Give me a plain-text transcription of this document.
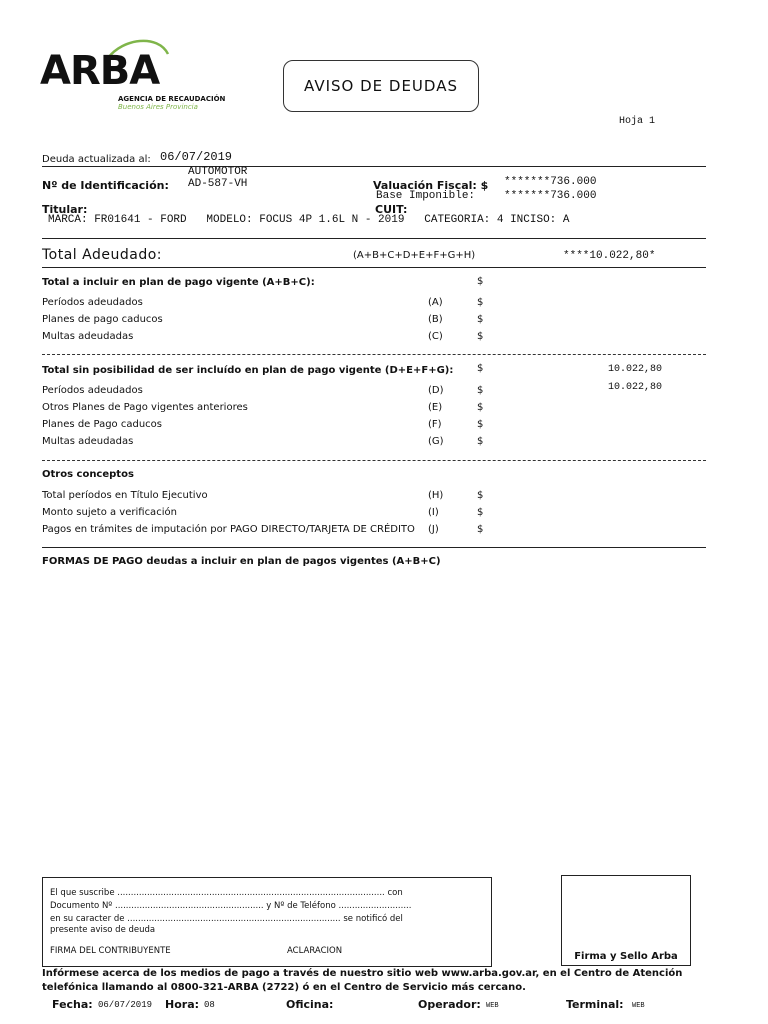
ARBA
AGENCIA DE RECAUDACIÓN
Buenos Aires Provincia
AVISO DE DEUDAS
Hoja 1
Deuda actualizada al: 06/07/2019
AUTOMOTOR
Nº de Identificación: AD-587-VH	Valuación Fiscal: $ *******736.000
Base Imponible:	*******736.000
Titular:	CUIT:
MARCA: FR01641 - FORD   MODELO: FOCUS 4P 1.6L N - 2019   CATEGORIA: 4 INCISO: A
Total Adeudado:	(A+B+C+D+E+F+G+H)	****10.022,80*
Total a incluir en plan de pago vigente (A+B+C):	$
Períodos adeudados	(A)	$
Planes de pago caducos	(B)	$
Multas adeudadas	(C)	$
Total sin posibilidad de ser incluído en plan de pago vigente (D+E+F+G): $	10.022,80
Períodos adeudados	(D)	$	10.022,80
Otros Planes de Pago vigentes anteriores	(E)	$
Planes de Pago caducos	(F)	$
Multas adeudadas	(G)	$
Otros conceptos
Total períodos en Título Ejecutivo	(H)	$
Monto sujeto a verificación	(I)	$
Pagos en trámites de imputación por PAGO DIRECTO/TARJETA DE CRÉDITO (J)	$
FORMAS DE PAGO deudas a incluir en plan de pagos vigentes (A+B+C)
El que suscribe ................................................................................................... con
Documento Nº ....................................................... y Nº de Teléfono ...........................
en su caracter de ............................................................................... se notificó del
presente aviso de deuda
FIRMA DEL CONTRIBUYENTE	ACLARACION	Firma y Sello Arba
Infórmese acerca de los medios de pago a través de nuestro sitio web www.arba.gov.ar, en el Centro de Atención
telefónica llamando al 0800-321-ARBA (2722) ó en el Centro de Servicio más cercano.
Fecha: 06/07/2019 Hora: 08	Oficina:	Operador: WEB	Terminal: WEB
